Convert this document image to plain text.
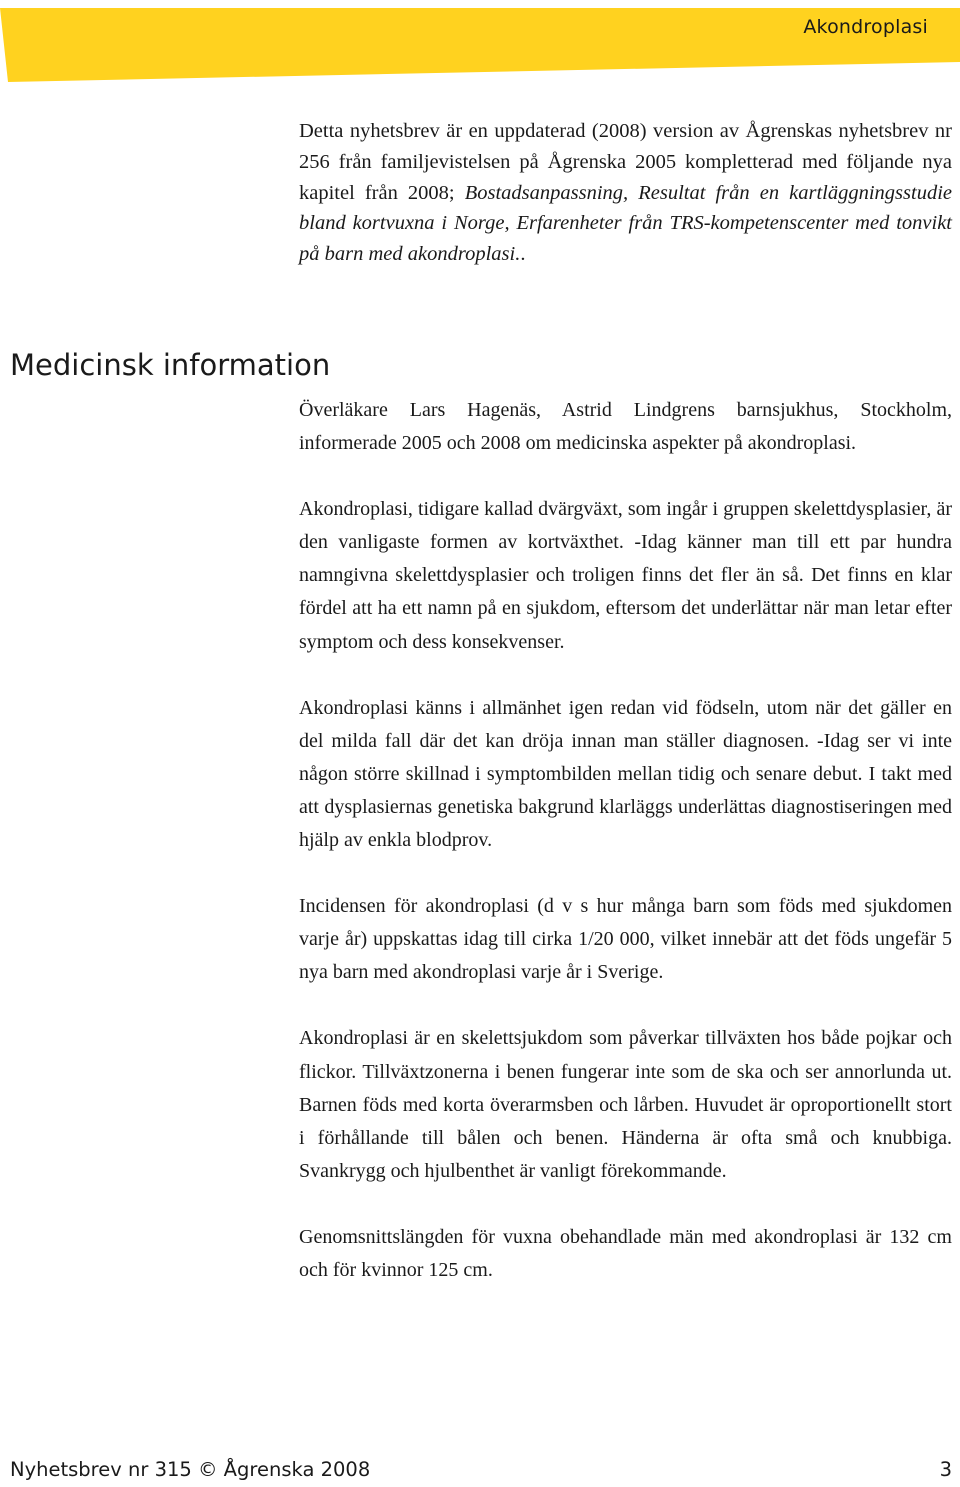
Akondroplasi

Detta nyhetsbrev är en uppdaterad (2008) version av Ågrenskas nyhetsbrev nr 256 från familjevistelsen på Ågrenska 2005 kompletterad med följande nya kapitel från 2008; Bostadsanpassning, Resultat från en kartläggningsstudie bland kortvuxna i Norge, Erfarenheter från TRS-kompetenscenter med tonvikt på barn med akondroplasi..

Medicinsk information

Överläkare Lars Hagenäs, Astrid Lindgrens barnsjukhus, Stockholm, informerade 2005 och 2008 om medicinska aspekter på akondroplasi.

Akondroplasi, tidigare kallad dvärgväxt, som ingår i gruppen skelettdysplasier, är den vanligaste formen av kortväxthet. -Idag känner man till ett par hundra namngivna skelettdysplasier och troligen finns det fler än så. Det finns en klar fördel att ha ett namn på en sjukdom, eftersom det underlättar när man letar efter symptom och dess konsekvenser.

Akondroplasi känns i allmänhet igen redan vid födseln, utom när det gäller en del milda fall där det kan dröja innan man ställer diagnosen. -Idag ser vi inte någon större skillnad i symptombilden mellan tidig och senare debut. I takt med att dysplasiernas genetiska bakgrund klarläggs underlättas diagnostiseringen med hjälp av enkla blodprov.

Incidensen för akondroplasi (d v s hur många barn som föds med sjukdomen varje år) uppskattas idag till cirka 1/20 000, vilket innebär att det föds ungefär 5 nya barn med akondroplasi varje år i Sverige.

Akondroplasi är en skelettsjukdom som påverkar tillväxten hos både pojkar och flickor. Tillväxtzonerna i benen fungerar inte som de ska och ser annorlunda ut. Barnen föds med korta överarmsben och lårben. Huvudet är oproportionellt stort i förhållande till bålen och benen. Händerna är ofta små och knubbiga. Svankrygg och hjulbenthet är vanligt förekommande.

Genomsnittslängden för vuxna obehandlade män med akondroplasi är 132 cm och för kvinnor 125 cm.

Nyhetsbrev nr 315 © Ågrenska 2008	3
